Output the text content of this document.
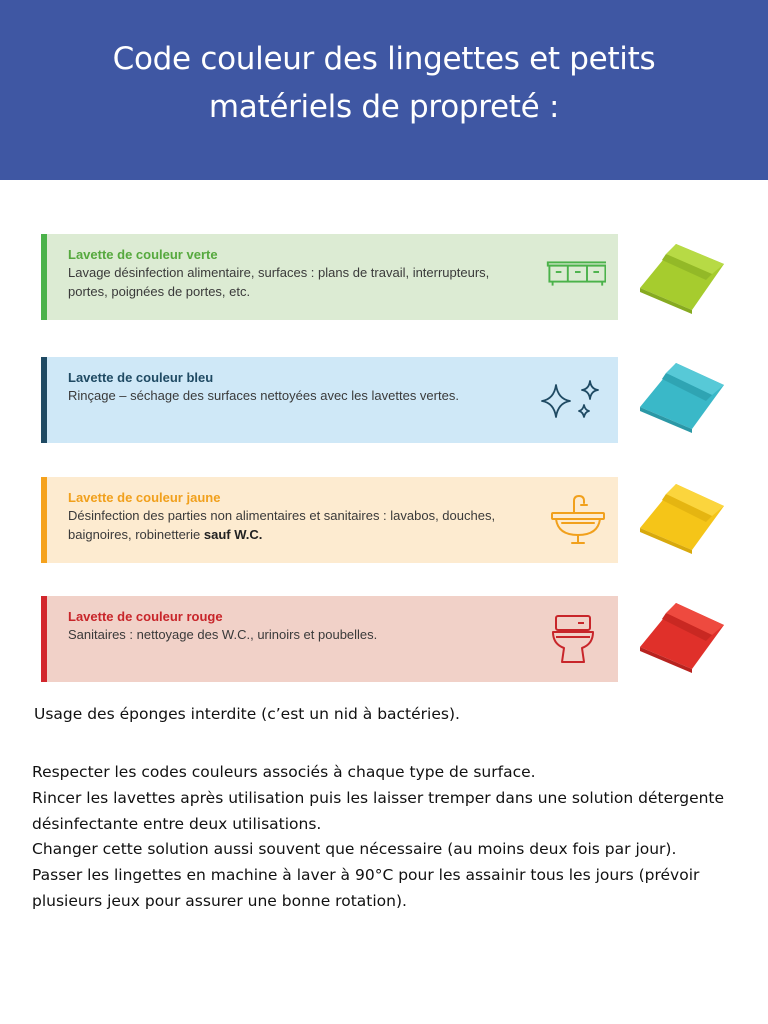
Code couleur des lingettes et petits matériels de propreté :
Lavette de couleur verte
Lavage désinfection alimentaire, surfaces : plans de travail, interrupteurs, portes, poignées de portes, etc.
Lavette de couleur bleu
Rinçage – séchage des surfaces nettoyées avec les lavettes vertes.
Lavette de couleur jaune
Désinfection des parties non alimentaires et sanitaires : lavabos, douches, baignoires, robinetterie sauf W.C.
Lavette de couleur rouge
Sanitaires : nettoyage des W.C., urinoirs et poubelles.
Usage des éponges interdite (c’est un nid à bactéries).

Respecter les codes couleurs associés à chaque type de surface.

Rincer les lavettes après utilisation puis les laisser tremper dans une solution détergente désinfectante entre deux utilisations.

Changer cette solution aussi souvent que nécessaire (au moins deux fois par jour).

Passer les lingettes en machine à laver à 90°C pour les assainir tous les jours (prévoir plusieurs jeux pour assurer une bonne rotation).
